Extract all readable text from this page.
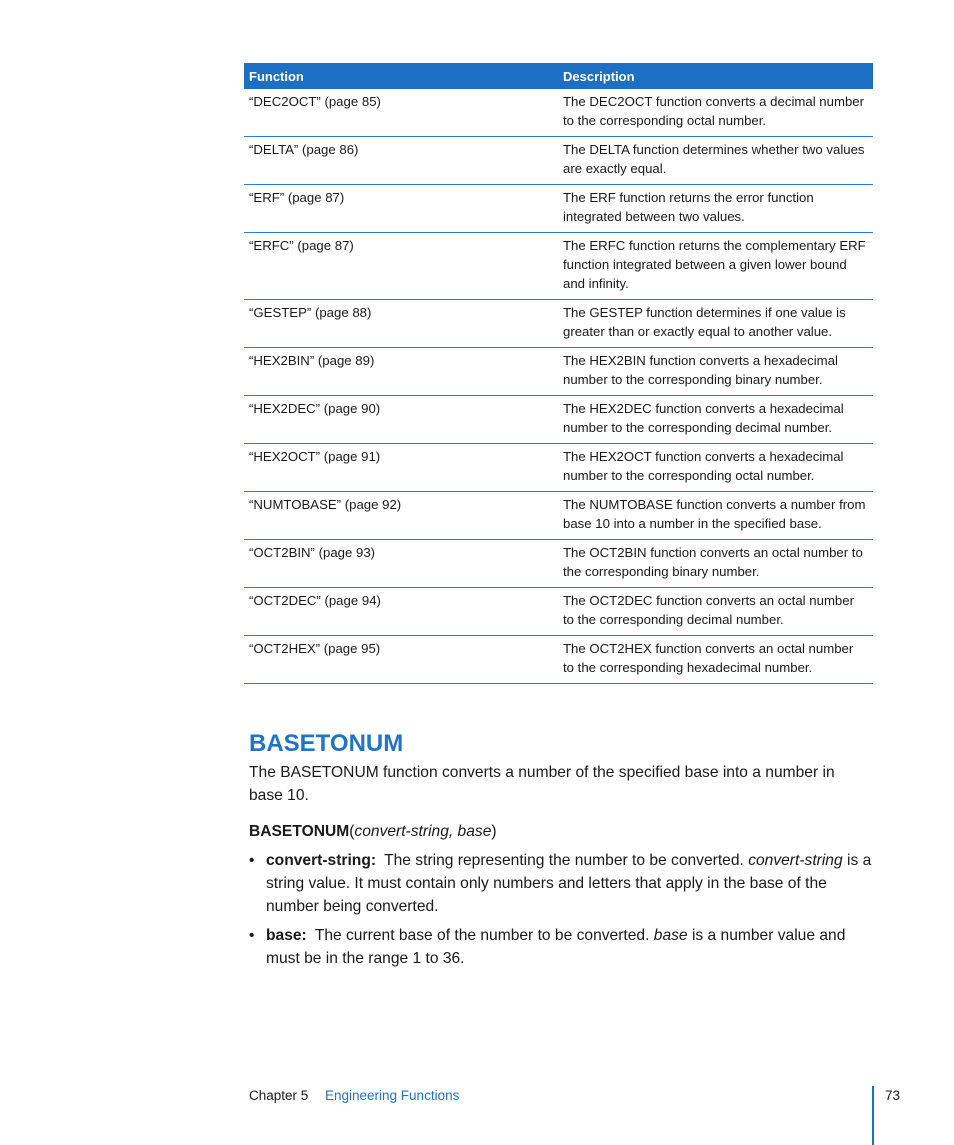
Function	Description
“DEC2OCT” (page 85)	The DEC2OCT function converts a decimal number to the corresponding octal number.
“DELTA” (page 86)	The DELTA function determines whether two values are exactly equal.
“ERF” (page 87)	The ERF function returns the error function integrated between two values.
“ERFC” (page 87)	The ERFC function returns the complementary ERF function integrated between a given lower bound and infinity.
“GESTEP” (page 88)	The GESTEP function determines if one value is greater than or exactly equal to another value.
“HEX2BIN” (page 89)	The HEX2BIN function converts a hexadecimal number to the corresponding binary number.
“HEX2DEC” (page 90)	The HEX2DEC function converts a hexadecimal number to the corresponding decimal number.
“HEX2OCT” (page 91)	The HEX2OCT function converts a hexadecimal number to the corresponding octal number.
“NUMTOBASE” (page 92)	The NUMTOBASE function converts a number from base 10 into a number in the specified base.
“OCT2BIN” (page 93)	The OCT2BIN function converts an octal number to the corresponding binary number.
“OCT2DEC” (page 94)	The OCT2DEC function converts an octal number to the corresponding decimal number.
“OCT2HEX” (page 95)	The OCT2HEX function converts an octal number to the corresponding hexadecimal number.
BASETONUM

The BASETONUM function converts a number of the specified base into a number in base 10.

BASETONUM(convert-string, base)
• convert-string: The string representing the number to be converted. convert-string is a string value. It must contain only numbers and letters that apply in the base of the number being converted.
• base: The current base of the number to be converted. base is a number value and must be in the range 1 to 36.
Chapter 5 Engineering Functions	73
